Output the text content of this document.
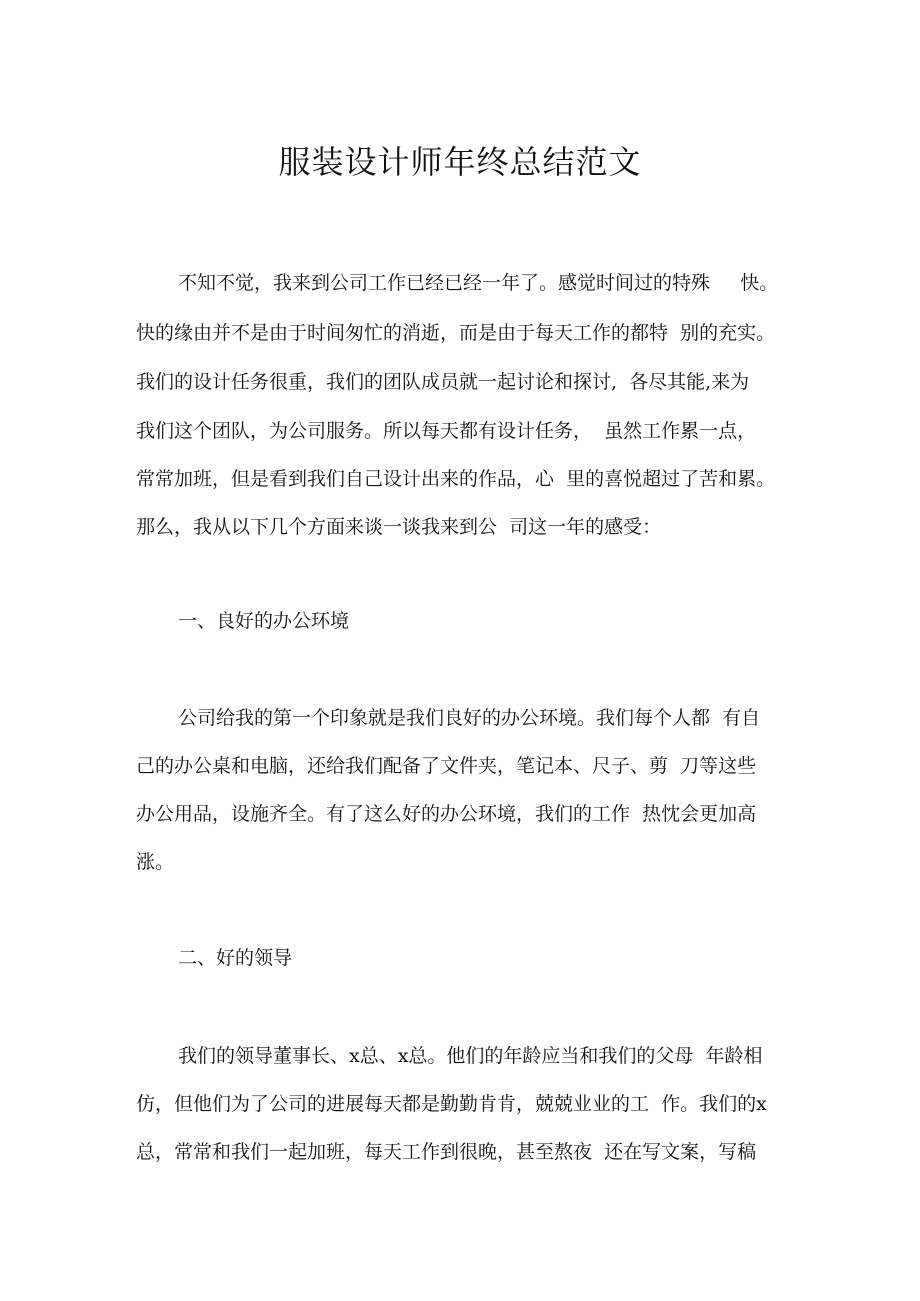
服装设计师年终总结范文
不知不觉，我来到公司工作已经已经一年了。感觉时间过的特殊     快。
快的缘由并不是由于时间匆忙的消逝，而是由于每天工作的都特  别的充实。
我们的设计任务很重，我们的团队成员就一起讨论和探讨,  各尽其能,来为
我们这个团队，为公司服务。所以每天都有设计任务，  虽然工作累一点，
常常加班，但是看到我们自己设计出来的作品，心  里的喜悦超过了苦和累。
那么，我从以下几个方面来谈一谈我来到公  司这一年的感受：
一、良好的办公环境
公司给我的第一个印象就是我们良好的办公环境。我们每个人都  有自
己的办公桌和电脑，还给我们配备了文件夹，笔记本、尺子、剪  刀等这些
办公用品，设施齐全。有了这么好的办公环境，我们的工作  热忱会更加高
涨。
二、好的领导
我们的领导董事长、x总、x总。他们的年龄应当和我们的父母  年龄相
仿，但他们为了公司的进展每天都是勤勤肯肯，兢兢业业的工  作。我们的x
总，常常和我们一起加班，每天工作到很晚，甚至熬夜  还在写文案，写稿
